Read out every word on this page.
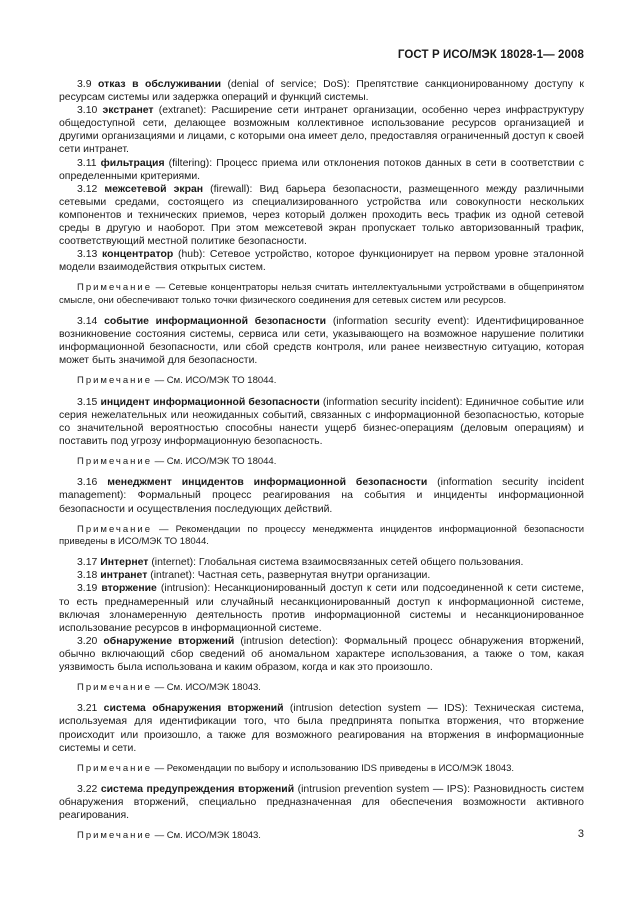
ГОСТ Р ИСО/МЭК 18028-1— 2008

3.9 отказ в обслуживании (denial of service; DoS): Препятствие санкционированному доступу к ресурсам системы или задержка операций и функций системы.

3.10 экстранет (extranet): Расширение сети интранет организации, особенно через инфраструктуру общедоступной сети, делающее возможным коллективное использование ресурсов организацией и другими организациями и лицами, с которыми она имеет дело, предоставляя ограниченный доступ к своей сети интранет.

3.11 фильтрация (filtering): Процесс приема или отклонения потоков данных в сети в соответствии с определенными критериями.

3.12 межсетевой экран (firewall): Вид барьера безопасности, размещенного между различными сетевыми средами, состоящего из специализированного устройства или совокупности нескольких компонентов и технических приемов, через который должен проходить весь трафик из одной сетевой среды в другую и наоборот. При этом межсетевой экран пропускает только авторизованный трафик, соответствующий местной политике безопасности.

3.13 концентратор (hub): Сетевое устройство, которое функционирует на первом уровне эталонной модели взаимодействия открытых систем.

Примечание — Сетевые концентраторы нельзя считать интеллектуальными устройствами в общепринятом смысле, они обеспечивают только точки физического соединения для сетевых систем или ресурсов.

3.14 событие информационной безопасности (information security event): Идентифицированное возникновение состояния системы, сервиса или сети, указывающего на возможное нарушение политики информационной безопасности, или сбой средств контроля, или ранее неизвестную ситуацию, которая может быть значимой для безопасности.

Примечание — См. ИСО/МЭК ТО 18044.

3.15 инцидент информационной безопасности (information security incident): Единичное событие или серия нежелательных или неожиданных событий, связанных с информационной безопасностью, которые со значительной вероятностью способны нанести ущерб бизнес-операциям (деловым операциям) и поставить под угрозу информационную безопасность.

Примечание — См. ИСО/МЭК ТО 18044.

3.16 менеджмент инцидентов информационной безопасности (information security incident management): Формальный процесс реагирования на события и инциденты информационной безопасности и осуществления последующих действий.

Примечание — Рекомендации по процессу менеджмента инцидентов информационной безопасности приведены в ИСО/МЭК ТО 18044.

3.17 Интернет (internet): Глобальная система взаимосвязанных сетей общего пользования.

3.18 интранет (intranet): Частная сеть, развернутая внутри организации.

3.19 вторжение (intrusion): Несанкционированный доступ к сети или подсоединенной к сети системе, то есть преднамеренный или случайный несанкционированный доступ к информационной системе, включая злонамеренную деятельность против информационной системы и несанкционированное использование ресурсов в информационной системе.

3.20 обнаружение вторжений (intrusion detection): Формальный процесс обнаружения вторжений, обычно включающий сбор сведений об аномальном характере использования, а также о том, какая уязвимость была использована и каким образом, когда и как это произошло.

Примечание — См. ИСО/МЭК 18043.

3.21 система обнаружения вторжений (intrusion detection system — IDS): Техническая система, используемая для идентификации того, что была предпринята попытка вторжения, что вторжение происходит или произошло, а также для возможного реагирования на вторжения в информационные системы и сети.

Примечание — Рекомендации по выбору и использованию IDS приведены в ИСО/МЭК 18043.

3.22 система предупреждения вторжений (intrusion prevention system — IPS): Разновидность систем обнаружения вторжений, специально предназначенная для обеспечения возможности активного реагирования.

Примечание — См. ИСО/МЭК 18043.	3
